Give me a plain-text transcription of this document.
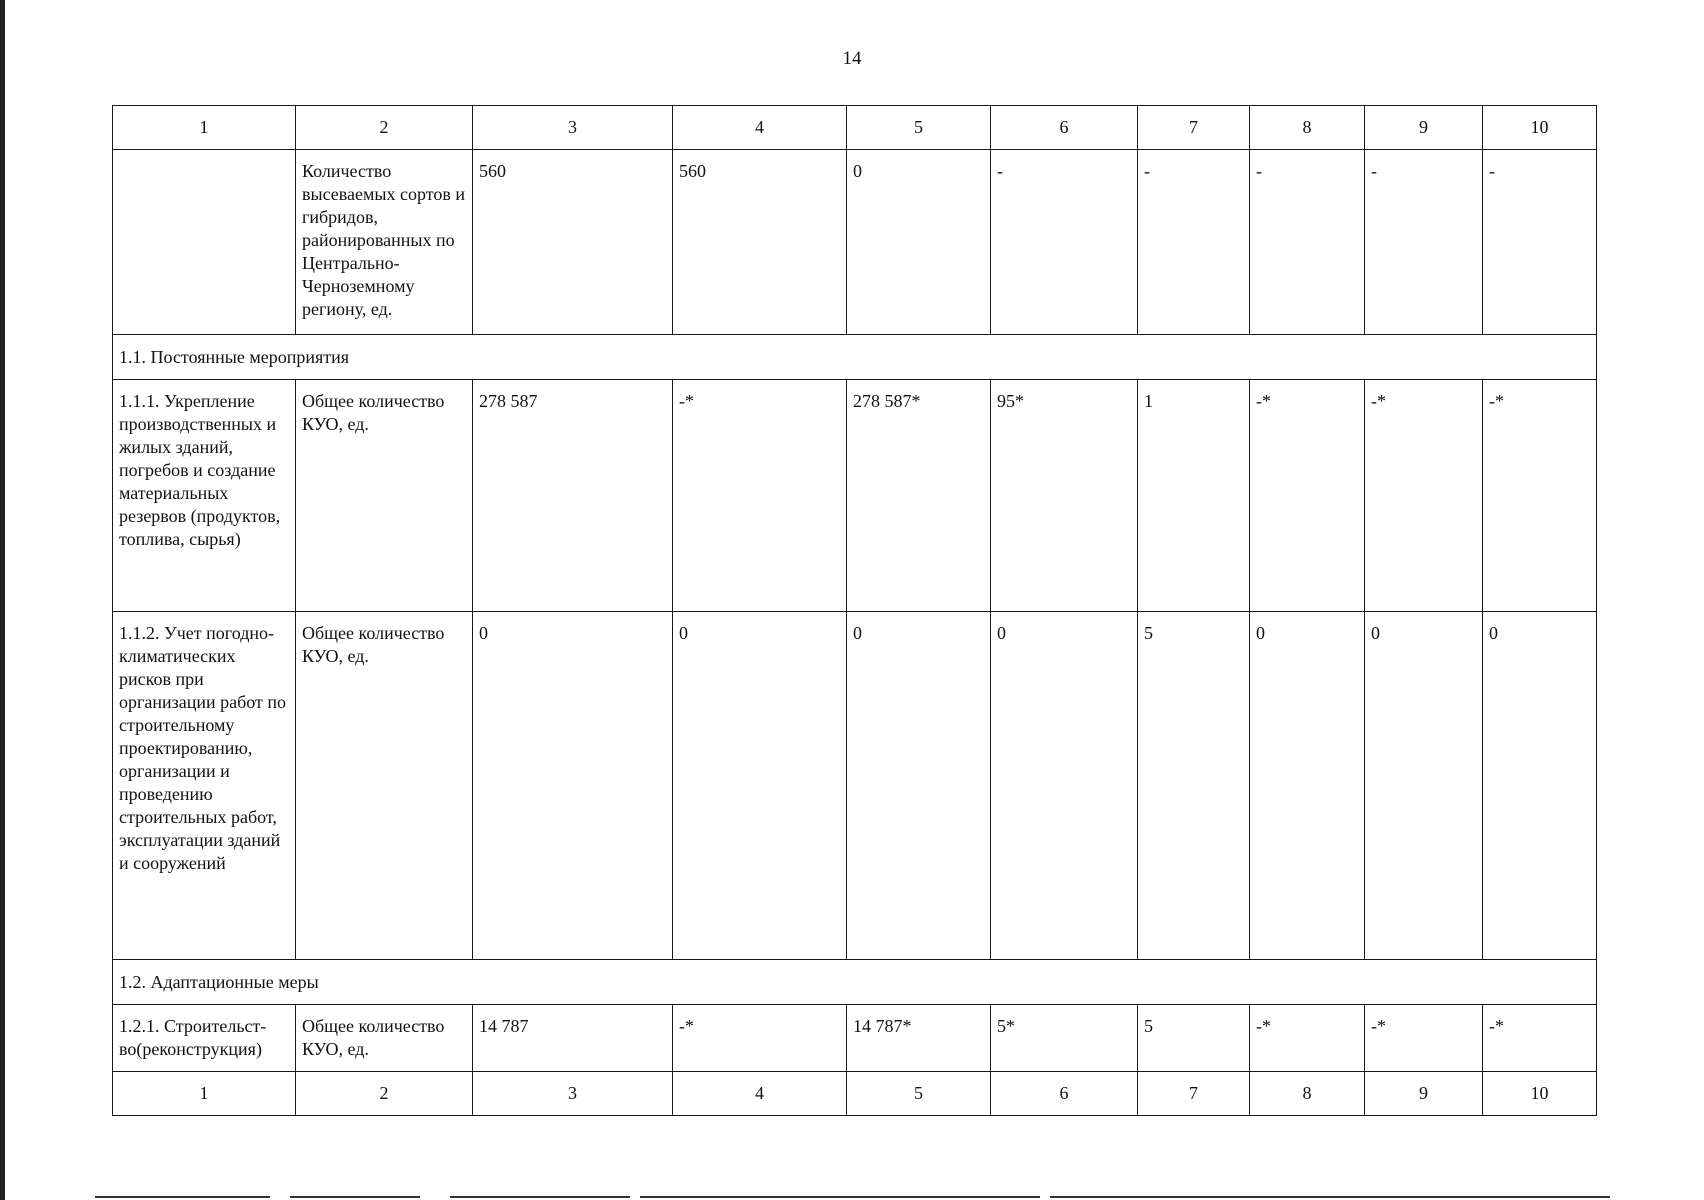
14
1	2	3	4	5	6	7	8	9	10
	Количество высеваемых сортов и гибридов, районированных по Центрально-Черноземному региону, ед.	560	560	0	-	-	-	-	-
1.1. Постоянные мероприятия									
1.1.1. Укрепление производственных и жилых зданий, погребов и создание материальных резервов (продуктов, топлива, сырья)	Общее количество КУО, ед.	278 587	-*	278 587*	95*	1	-*	-*	-*
1.1.2. Учет погодно-климатических рисков при организации работ по строительному проектированию, организации и проведению строительных работ, эксплуатации зданий и сооружений	Общее количество КУО, ед.	0	0	0	0	5	0	0	0
1.2. Адаптационные меры									
1.2.1. Строительст-во(реконструкция)	Общее количество КУО, ед.	14 787	-*	14 787*	5*	5	-*	-*	-*
1	2	3	4	5	6	7	8	9	10
